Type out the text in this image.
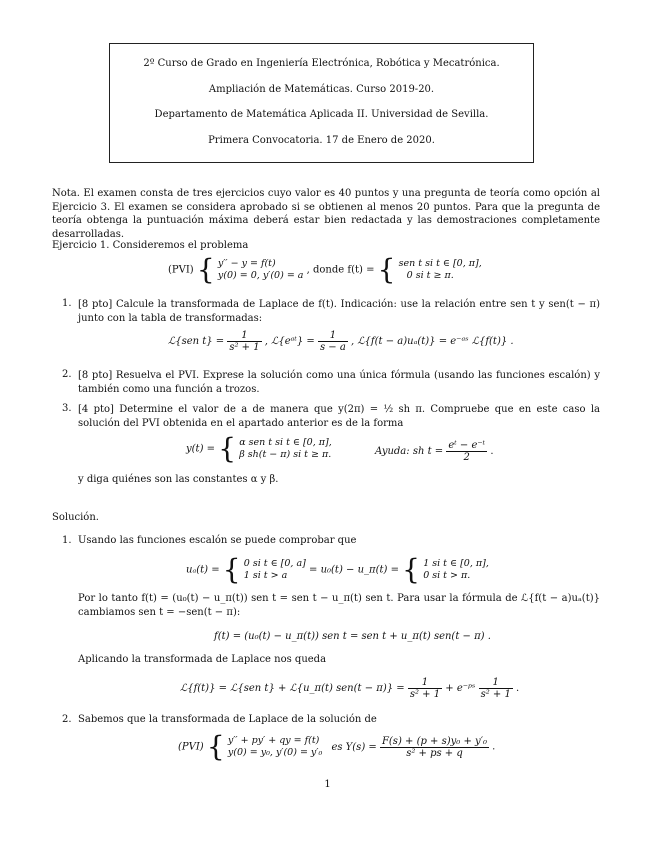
2º Curso de Grado en Ingeniería Electrónica, Robótica y Mecatrónica.

Ampliación de Matemáticas. Curso 2019-20.

Departamento de Matemática Aplicada II. Universidad de Sevilla.

Primera Convocatoria. 17 de Enero de 2020.

Nota. El examen consta de tres ejercicios cuyo valor es 40 puntos y una pregunta de teoría como opción al Ejercicio 3. El examen se considera aprobado si se obtienen al menos 20 puntos. Para que la pregunta de teoría obtenga la puntuación máxima deberá estar bien redactada y las demostraciones completamente desarrolladas.
Ejercicio 1. Consideremos el problema
(PVI) { y′′ − y = f(t)
y(0) = 0, y′(0) = a , donde f(t) = { sen t si t ∈ [0, π],
0 si t ≥ π.
1. [8 pto] Calcule la transformada de Laplace de f(t). Indicación: use la relación entre sen t y sen(t − π) junto con la tabla de transformadas:
ℒ{sen $t\} = \frac{1}{\text{s² + 1}}$ , ℒ{eᵃᵗ} = $\frac{1}{s - a}$ , ℒ{f(t − a)uₐ(t)} = e⁻ᵃˢ ℒ{f(t)} .
2. [8 pto] Resuelva el PVI. Exprese la solución como una única fórmula (usando las funciones escalón) y también como una función a trozos.
3. [4 pto] Determine el valor de a de manera que y(2π) = ½ sh π. Compruebe que en este caso la solución del PVI obtenida en el apartado anterior es de la forma
y(t) = { α sen t si t ∈ [0, π],
β sh(t − π) si t ≥ π.	Ayuda: sh $t = \frac{\text{eᵗ − e⁻ᵗ}}{2}$ .
y diga quiénes son las constantes α y β.
Solución.
1. Usando las funciones escalón se puede comprobar que
uₐ(t) = { 0 si t ∈ [0, a]
1 si t > a	= u₀(t) − u_π(t) = { 1 si t ∈ [0, π],
0 si t > π.
Por lo tanto f(t) = (u₀(t) − u_π(t)) sen t = sen t − u_π(t) sen t. Para usar la fórmula de ℒ{f(t − a)uₐ(t)} cambiamos sen t = −sen(t − π):
f(t) = (u₀(t) − u_π(t)) sen t = sen t + u_π(t) sen(t − π) .
Aplicando la transformada de Laplace nos queda
ℒ{f(t)} = ℒ{sen t} + ℒ{u_π(t) $sen(t - \pi)\} = \frac{1}{\text{s² + 1}}$ + e⁻ᵖˢ $\frac{1}{\text{s² + 1}}$ .
2. Sabemos que la transformada de Laplace de la solución de
(PVI) { y′′ + py′ + qy = f(t)
y(0) = y₀, y′(0) = y′₀ es $Y(s) = \frac{\text{F(s) + (p + s)y₀ + y′₀}}{\text{s² + ps + q}}$ .
1
